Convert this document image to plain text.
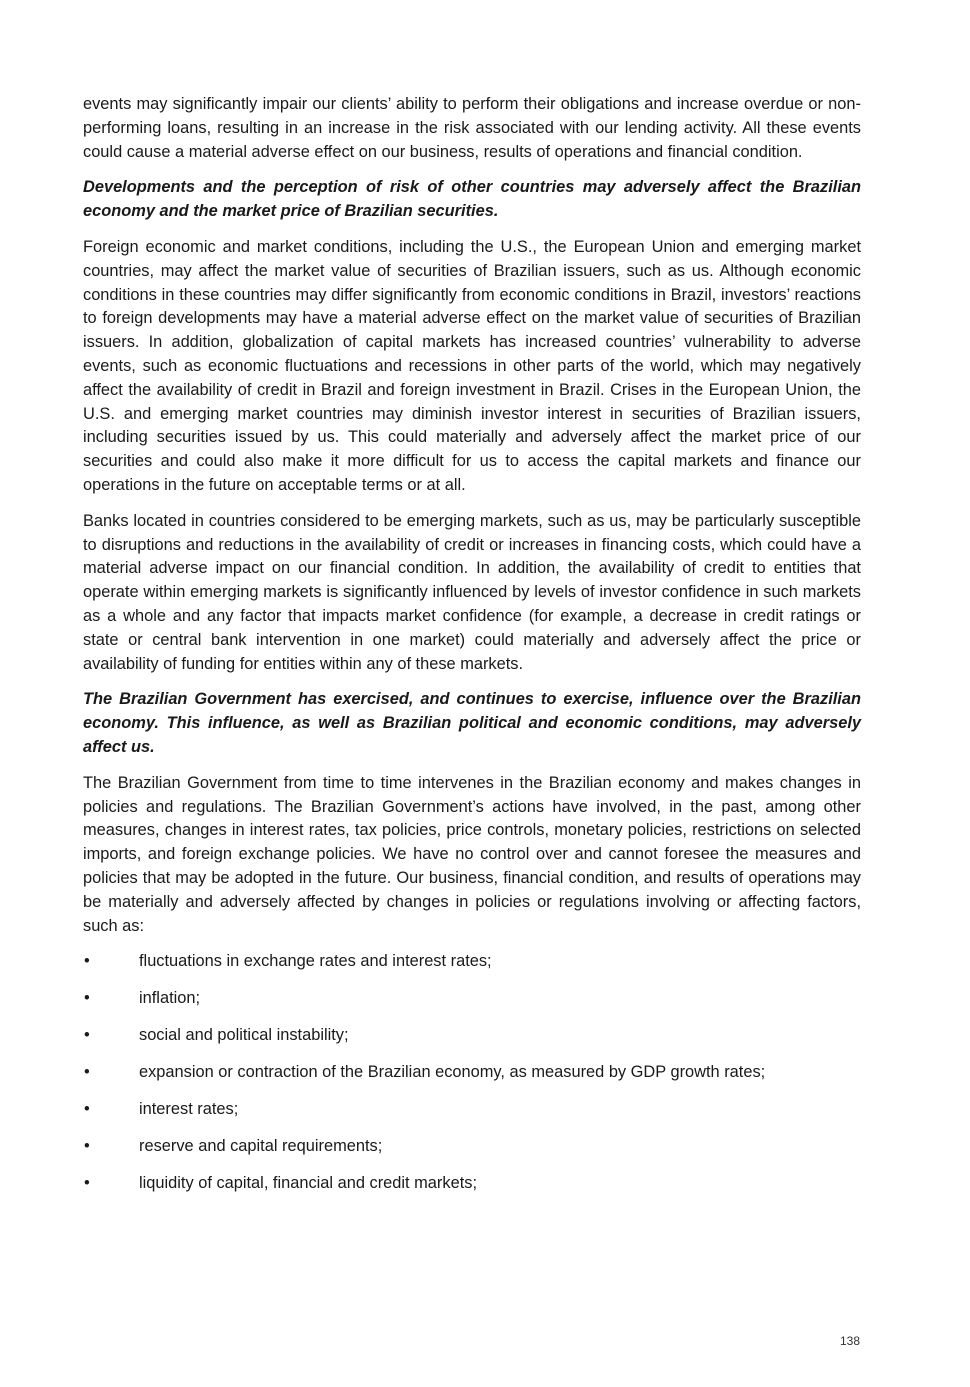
events may significantly impair our clients’ ability to perform their obligations and increase overdue or non-performing loans, resulting in an increase in the risk associated with our lending activity. All these events could cause a material adverse effect on our business, results of operations and financial condition.

Developments and the perception of risk of other countries may adversely affect the Brazilian economy and the market price of Brazilian securities.

Foreign economic and market conditions, including the U.S., the European Union and emerging market countries, may affect the market value of securities of Brazilian issuers, such as us. Although economic conditions in these countries may differ significantly from economic conditions in Brazil, investors’ reactions to foreign developments may have a material adverse effect on the market value of securities of Brazilian issuers. In addition, globalization of capital markets has increased countries’ vulnerability to adverse events, such as economic fluctuations and recessions in other parts of the world, which may negatively affect the availability of credit in Brazil and foreign investment in Brazil. Crises in the European Union, the U.S. and emerging market countries may diminish investor interest in securities of Brazilian issuers, including securities issued by us. This could materially and adversely affect the market price of our securities and could also make it more difficult for us to access the capital markets and finance our operations in the future on acceptable terms or at all.

Banks located in countries considered to be emerging markets, such as us, may be particularly susceptible to disruptions and reductions in the availability of credit or increases in financing costs, which could have a material adverse impact on our financial condition. In addition, the availability of credit to entities that operate within emerging markets is significantly influenced by levels of investor confidence in such markets as a whole and any factor that impacts market confidence (for example, a decrease in credit ratings or state or central bank intervention in one market) could materially and adversely affect the price or availability of funding for entities within any of these markets.

The Brazilian Government has exercised, and continues to exercise, influence over the Brazilian economy. This influence, as well as Brazilian political and economic conditions, may adversely affect us.

The Brazilian Government from time to time intervenes in the Brazilian economy and makes changes in policies and regulations. The Brazilian Government’s actions have involved, in the past, among other measures, changes in interest rates, tax policies, price controls, monetary policies, restrictions on selected imports, and foreign exchange policies. We have no control over and cannot foresee the measures and policies that may be adopted in the future. Our business, financial condition, and results of operations may be materially and adversely affected by changes in policies or regulations involving or affecting factors, such as:

•	fluctuations in exchange rates and interest rates;
•	inflation;
•	social and political instability;
•	expansion or contraction of the Brazilian economy, as measured by GDP growth rates;
•	interest rates;
•	reserve and capital requirements;
•	liquidity of capital, financial and credit markets;
138
